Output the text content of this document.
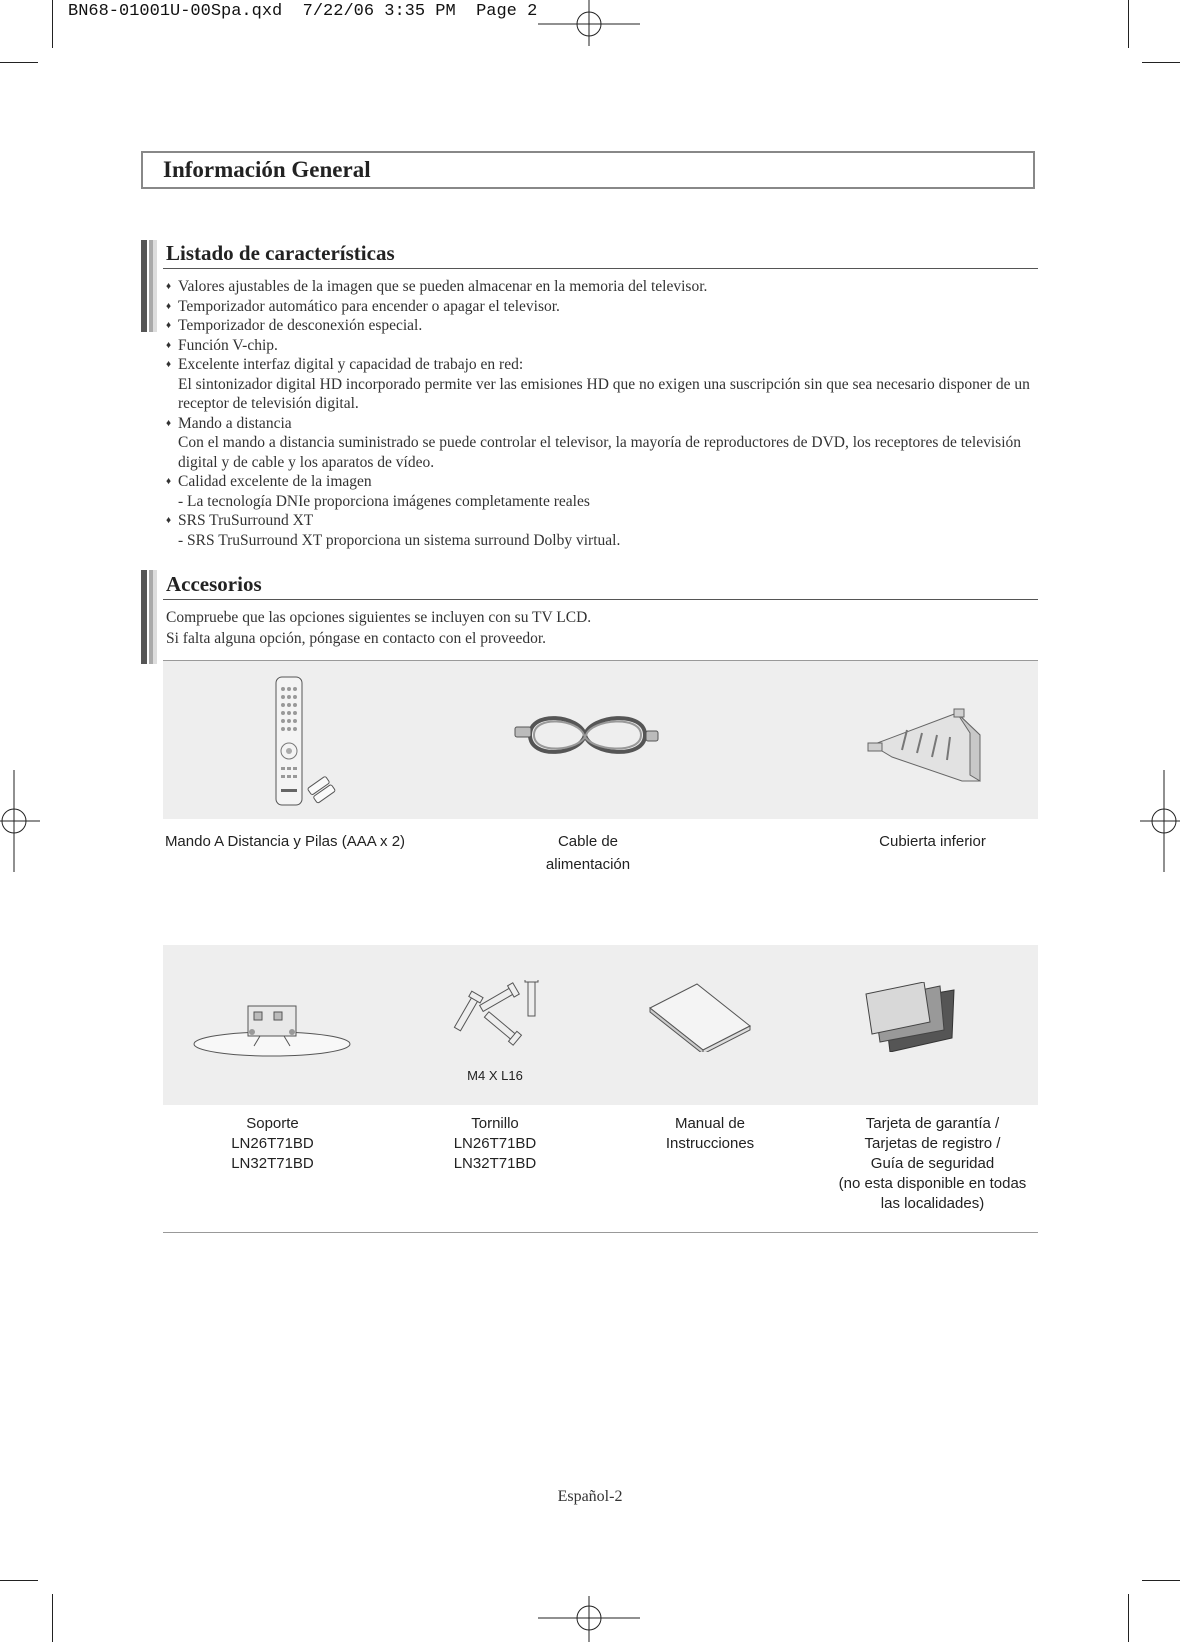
BN68-01001U-00Spa.qxd  7/22/06 3:35 PM  Page 2
Información General
Listado de características
♦ Valores ajustables de la imagen que se pueden almacenar en la memoria del televisor.
♦ Temporizador automático para encender o apagar el televisor.
♦ Temporizador de desconexión especial.
♦ Función V-chip.
♦ Excelente interfaz digital y capacidad de trabajo en red:
El sintonizador digital HD incorporado permite ver las emisiones HD que no exigen una suscripción sin que sea necesario disponer de un receptor de televisión digital.
♦ Mando a distancia
Con el mando a distancia suministrado se puede controlar el televisor, la mayoría de reproductores de DVD, los receptores de televisión digital y de cable y los aparatos de vídeo.
♦ Calidad excelente de la imagen
- La tecnología DNIe proporciona imágenes completamente reales
♦ SRS TruSurround XT
- SRS TruSurround XT proporciona un sistema surround Dolby virtual.
Accesorios
Compruebe que las opciones siguientes se incluyen con su TV LCD.
Si falta alguna opción, póngase en contacto con el proveedor.
Mando A Distancia y Pilas (AAA x 2)	Cable de
alimentación
Cubierta inferior
M4 X L16
Soporte
LN26T71BD
LN32T71BD
Tornillo
LN26T71BD
LN32T71BD
Manual de
Instrucciones
Tarjeta de garantía /
Tarjetas de registro /
Guía de seguridad
(no esta disponible en todas
las localidades)
Español-2
